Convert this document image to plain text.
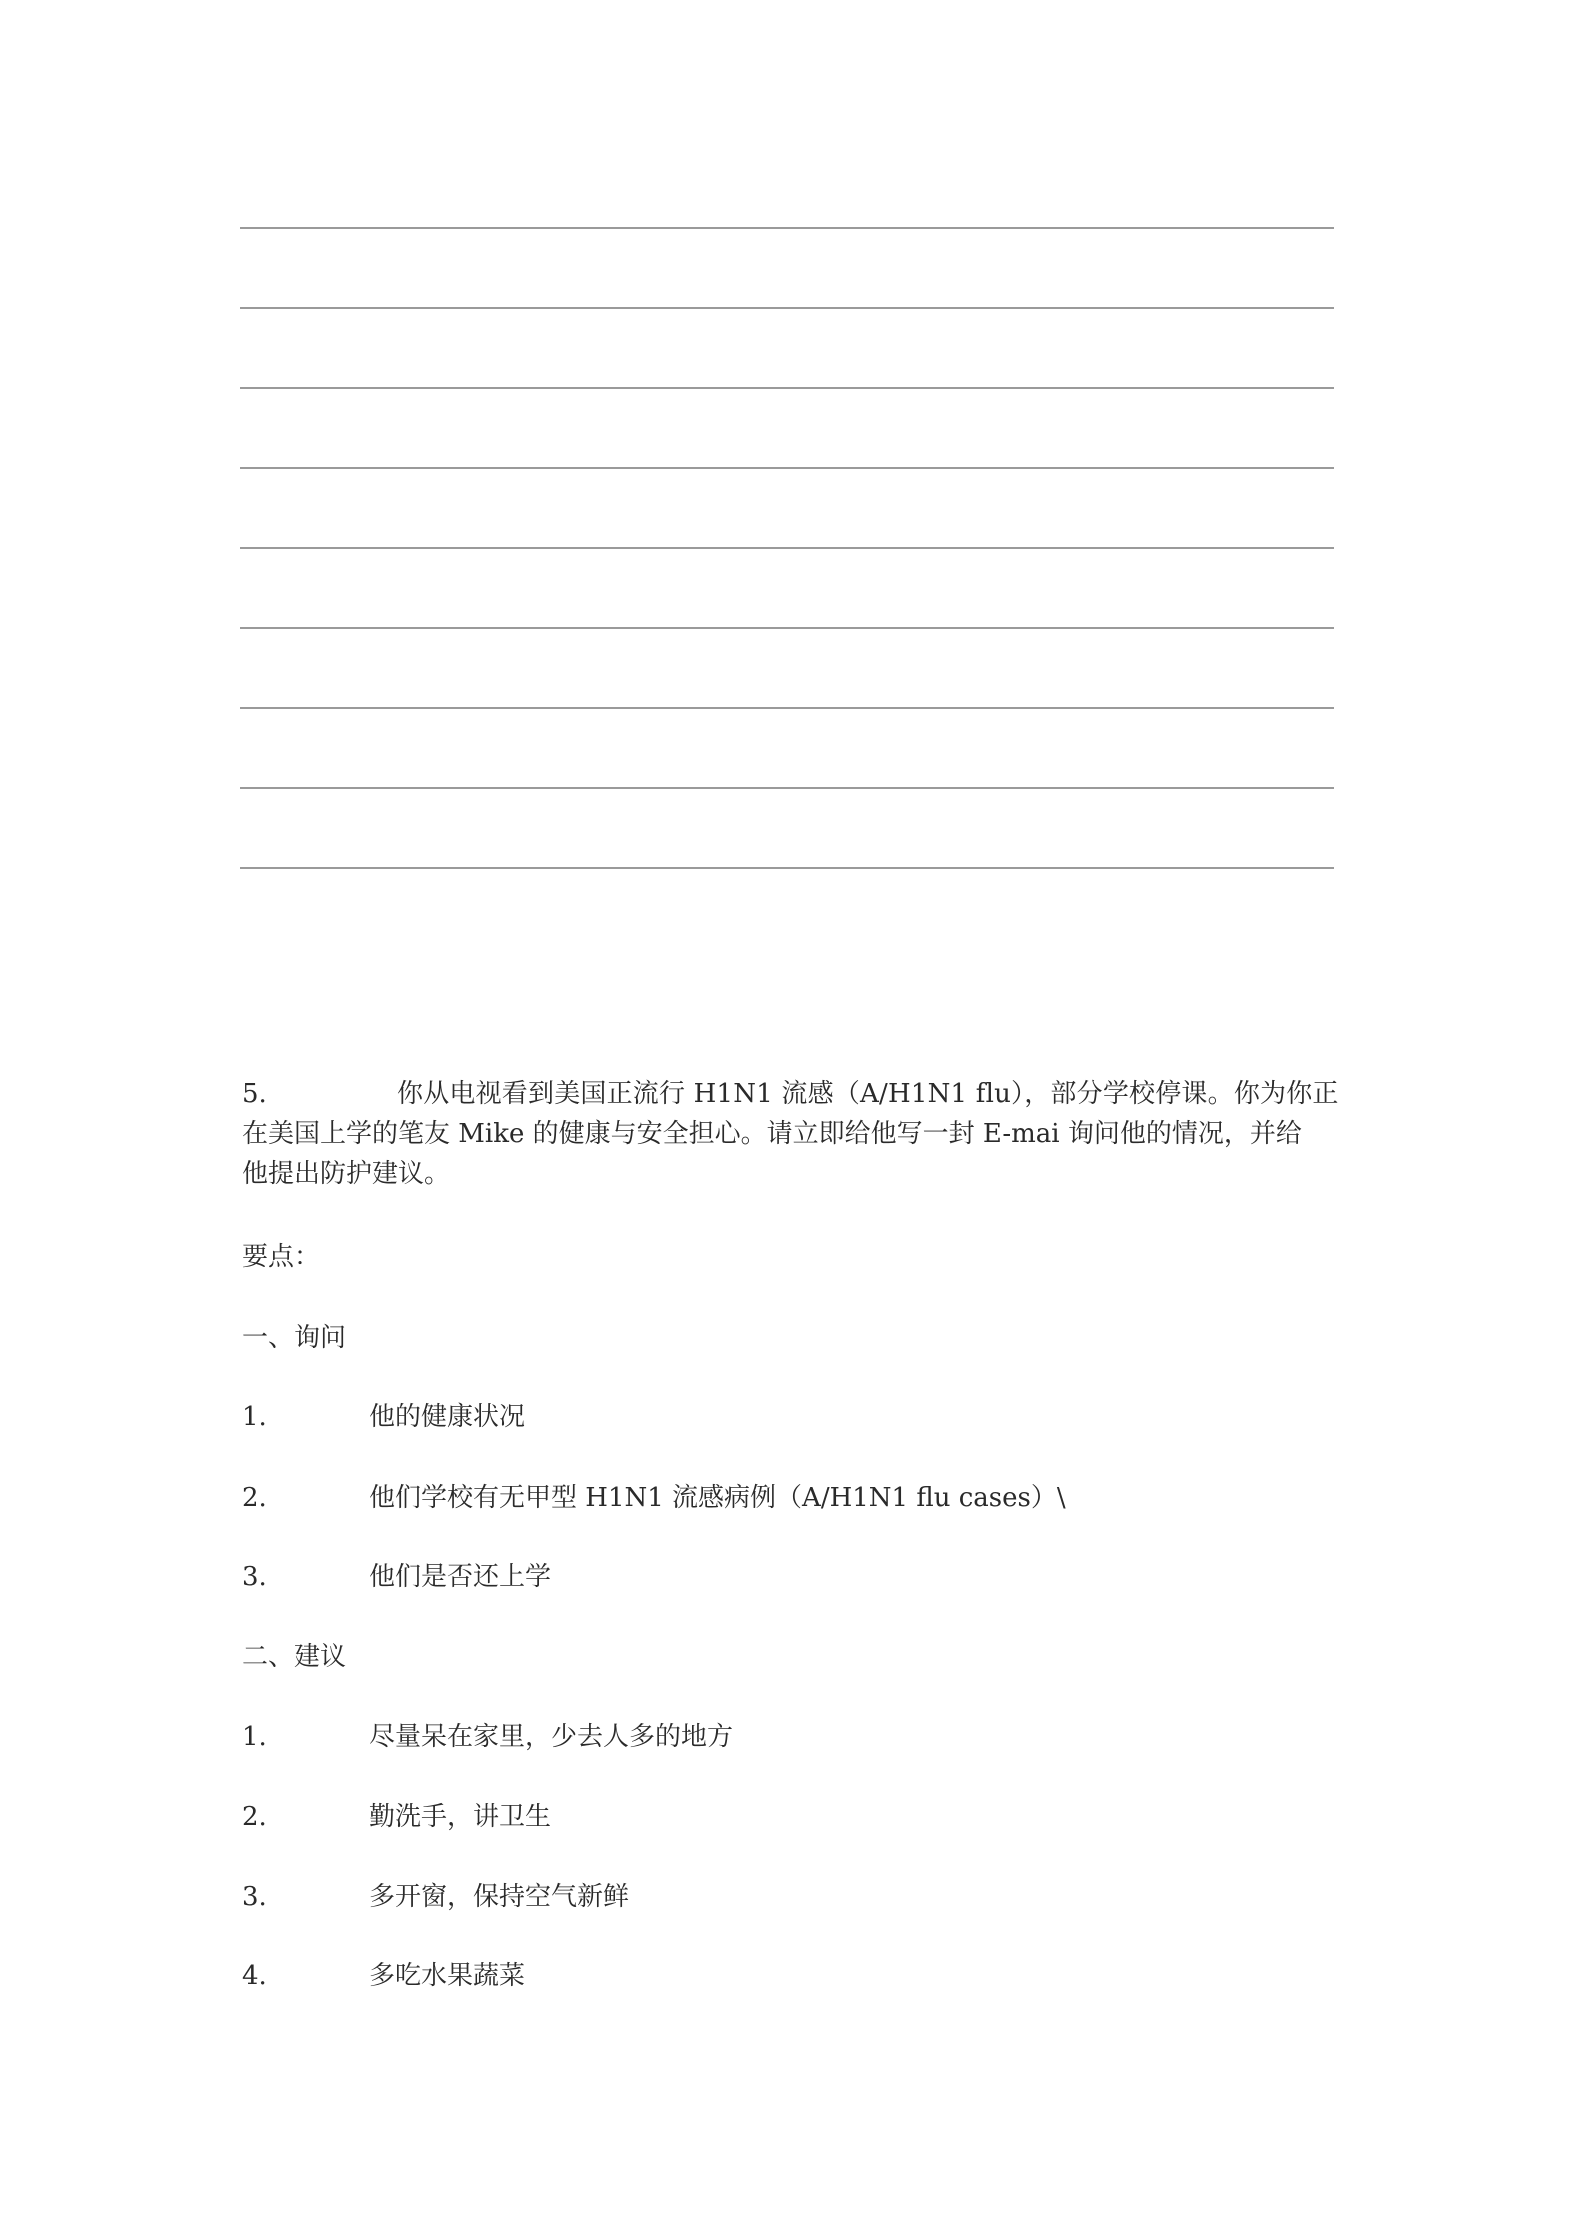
5.	你从电视看到美国正流行 H1N1 流感（A/H1N1 flu），部分学校停课。你为你正
在美国上学的笔友 Mike 的健康与安全担心。请立即给他写一封 E-mai 询问他的情况，并给
他提出防护建议。
要点：
一、询问
1.	他的健康状况
2.	他们学校有无甲型 H1N1 流感病例（A/H1N1 flu cases）\
3.	他们是否还上学
二、建议
1.	尽量呆在家里，少去人多的地方
2.	勤洗手，讲卫生
3.	多开窗，保持空气新鲜
4.	多吃水果蔬菜
